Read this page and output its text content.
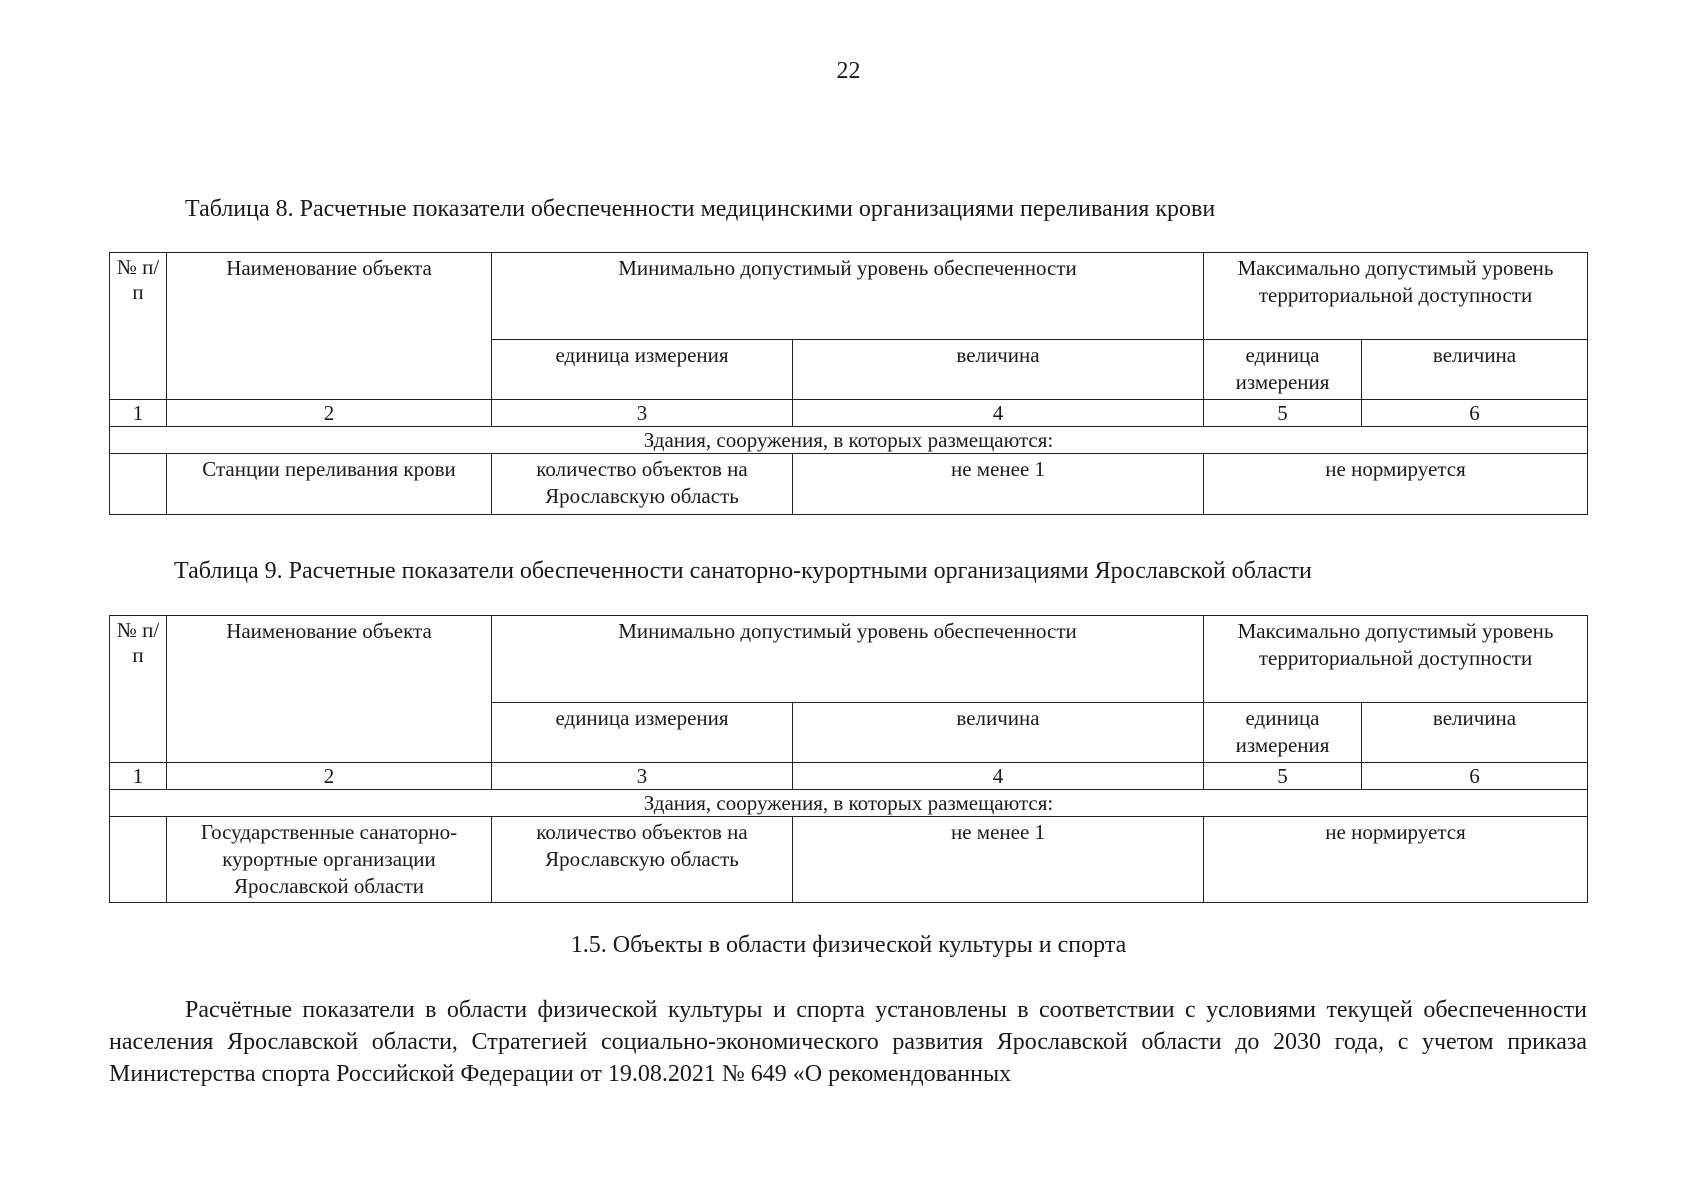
22
Таблица 8. Расчетные показатели обеспеченности медицинскими организациями переливания крови
№ п/п	Наименование объекта	Минимально допустимый уровень обеспеченности		Максимально допустимый уровень территориальной доступности	
		единица измерения	величина	единица измерения	величина
1	2	3	4	5	6
Здания, сооружения, в которых размещаются:					
	Станции переливания крови	количество объектов на Ярославскую область	не менее 1	не нормируется	
Таблица 9. Расчетные показатели обеспеченности санаторно-курортными организациями Ярославской области
№ п/п	Наименование объекта	Минимально допустимый уровень обеспеченности		Максимально допустимый уровень территориальной доступности	
		единица измерения	величина	единица измерения	величина
1	2	3	4	5	6
Здания, сооружения, в которых размещаются:					
	Государственные санаторно-курортные организации Ярославской области	количество объектов на Ярославскую область	не менее 1	не нормируется	
1.5. Объекты в области физической культуры и спорта

Расчётные показатели в области физической культуры и спорта установлены в соответствии с условиями текущей обеспеченности населения Ярославской области, Стратегией социально-экономического развития Ярославской области до 2030 года, с учетом приказа Министерства спорта Российской Федерации от 19.08.2021 № 649 «О рекомендованных
